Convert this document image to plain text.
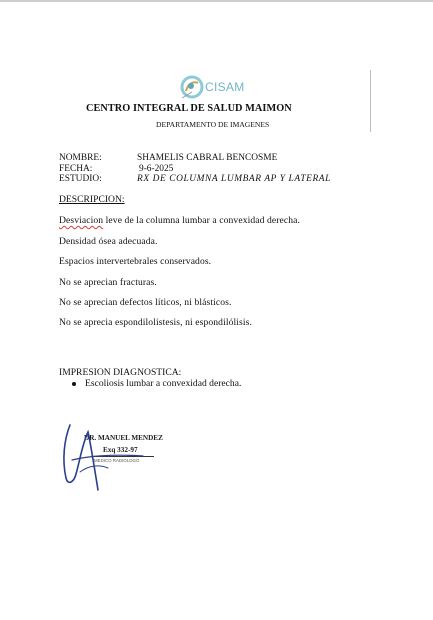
CISAM
CENTRO INTEGRAL DE SALUD MAIMON
DEPARTAMENTO DE IMAGENES
NOMBRE:	SHAMELIS CABRAL BENCOSME
FECHA:	9-6-2025
ESTUDIO:	RX DE COLUMNA LUMBAR AP Y LATERAL
DESCRIPCION:
Desviacion leve de la columna lumbar a convexidad derecha.
Densidad ósea adecuada.
Espacios intervertebrales conservados.
No se aprecian fracturas.
No se aprecian defectos líticos, ni blásticos.
No se aprecia espondilolistesis, ni espondilólisis.
IMPRESION DIAGNOSTICA:
Escoliosis lumbar a convexidad derecha.
DR. MANUEL MENDEZ
Exq 332-97
MEDICO RADIOLOGO
